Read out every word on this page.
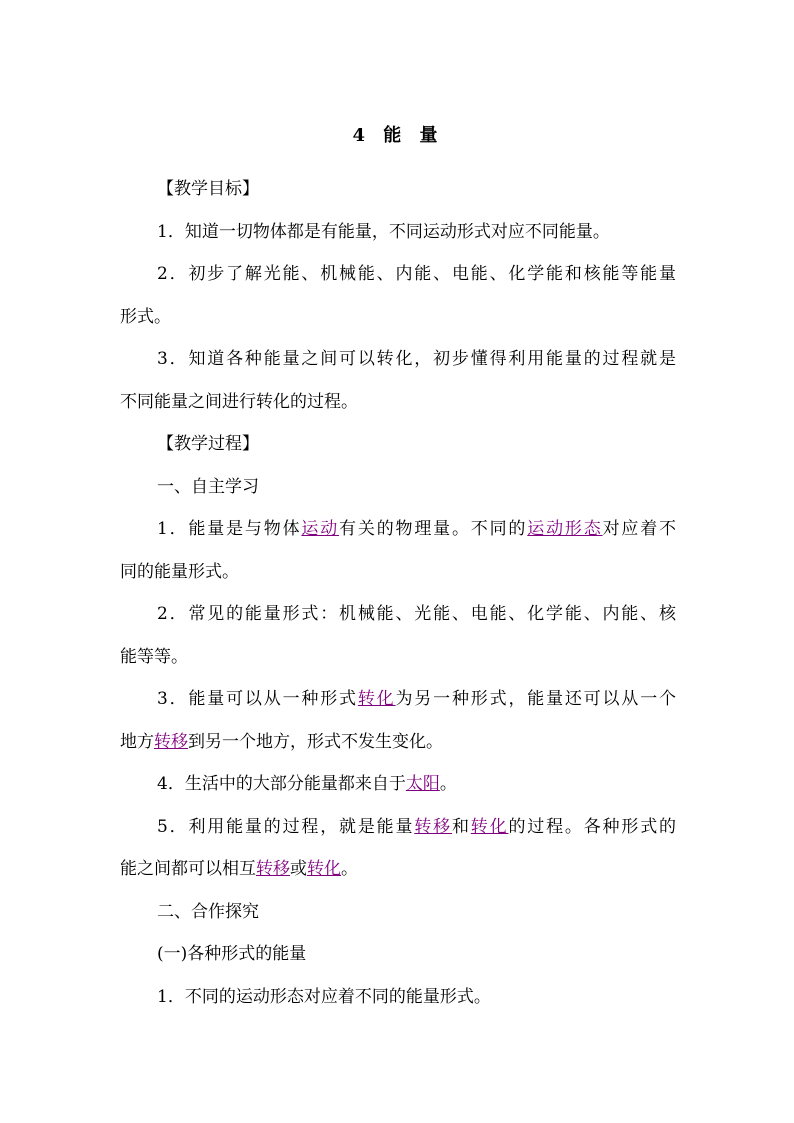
4 能 量
【教学目标】
1．知道一切物体都是有能量，不同运动形式对应不同能量。
2．初步了解光能、机械能、内能、电能、化学能和核能等能量
形式。
3．知道各种能量之间可以转化，初步懂得利用能量的过程就是
不同能量之间进行转化的过程。
【教学过程】
一、自主学习
1．能量是与物体运动有关的物理量。不同的运动形态对应着不
同的能量形式。
2．常见的能量形式：机械能、光能、电能、化学能、内能、核
能等等。
3．能量可以从一种形式转化为另一种形式，能量还可以从一个
地方转移到另一个地方，形式不发生变化。
4．生活中的大部分能量都来自于太阳。
5．利用能量的过程，就是能量转移和转化的过程。各种形式的
能之间都可以相互转移或转化。
二、合作探究
(一)各种形式的能量
1．不同的运动形态对应着不同的能量形式。
